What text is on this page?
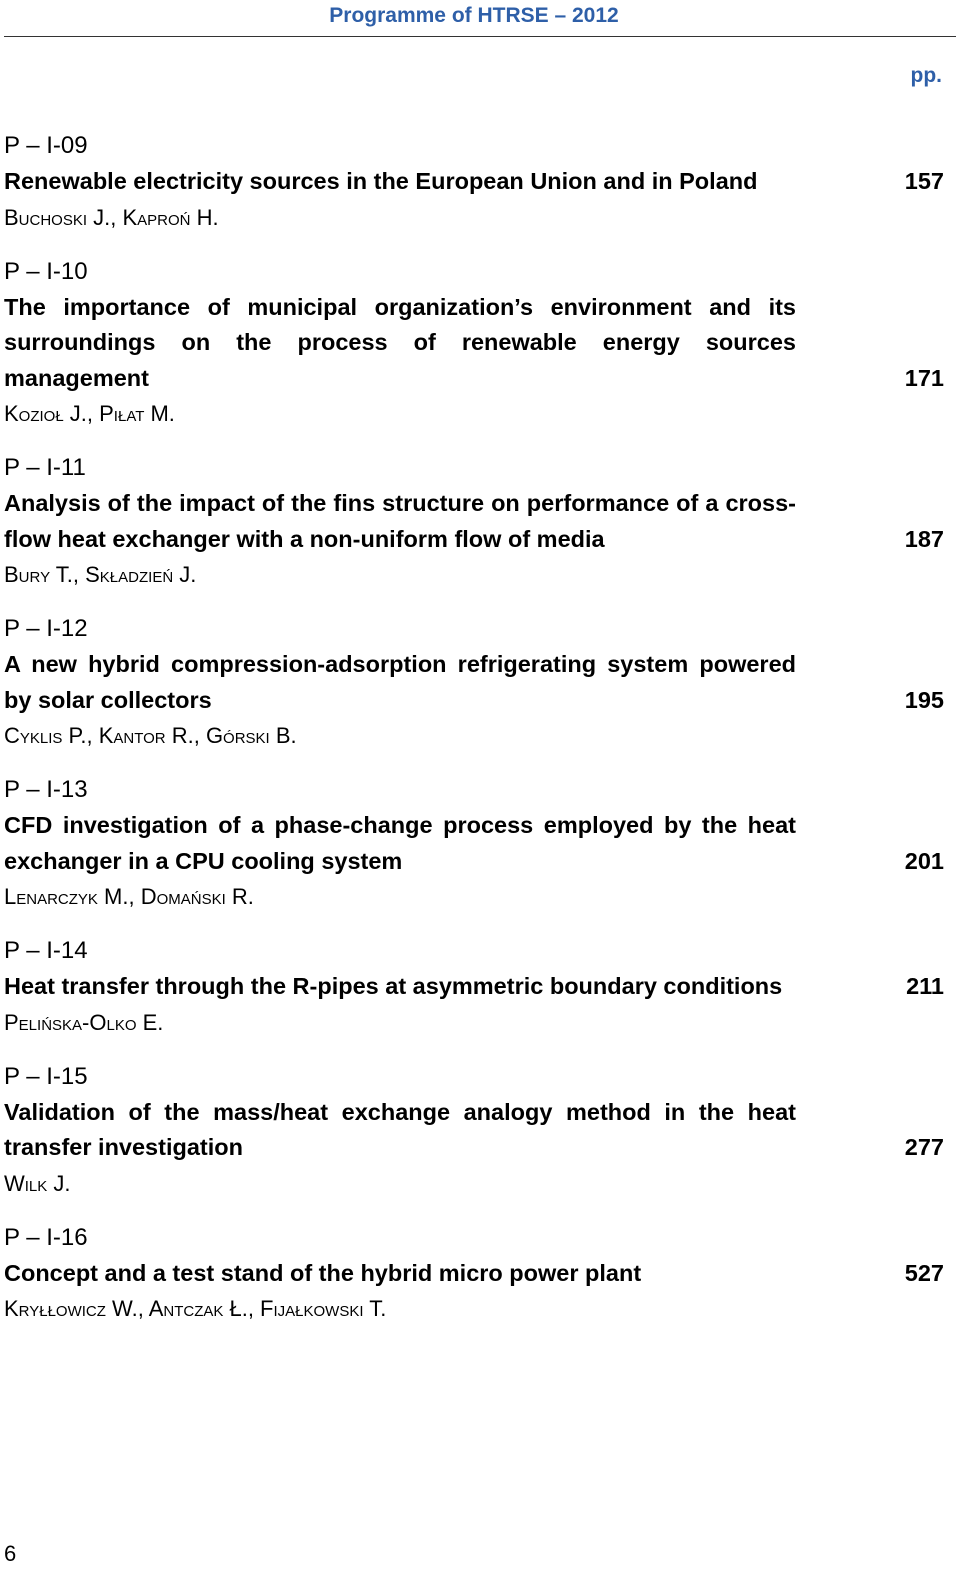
Programme of HTRSE – 2012
pp.
P – I-09
Renewable electricity sources in the European Union and in Poland	157
Buchoski J., Kaproń H.
P – I-10
The importance of municipal organization’s environment and its surroundings on the process of renewable energy sources management	171
Kozioł J., Piłat M.
P – I-11
Analysis of the impact of the fins structure on performance of a cross-flow heat exchanger with a non-uniform flow of media	187
Bury T., Składzień J.
P – I-12
A new hybrid compression-adsorption refrigerating system powered by solar collectors	195
Cyklis P., Kantor R., Górski B.
P – I-13
CFD investigation of a phase-change process employed by the heat exchanger in a CPU cooling system	201
Lenarczyk M., Domański R.
P – I-14
Heat transfer through the R-pipes at asymmetric boundary conditions	211
Pelińska-Olko E.
P – I-15
Validation of the mass/heat exchange analogy method in the heat transfer investigation	277
Wilk J.
P – I-16
Concept and a test stand of the hybrid micro power plant	527
Kryłłowicz W., Antczak Ł., Fijałkowski T.
6
